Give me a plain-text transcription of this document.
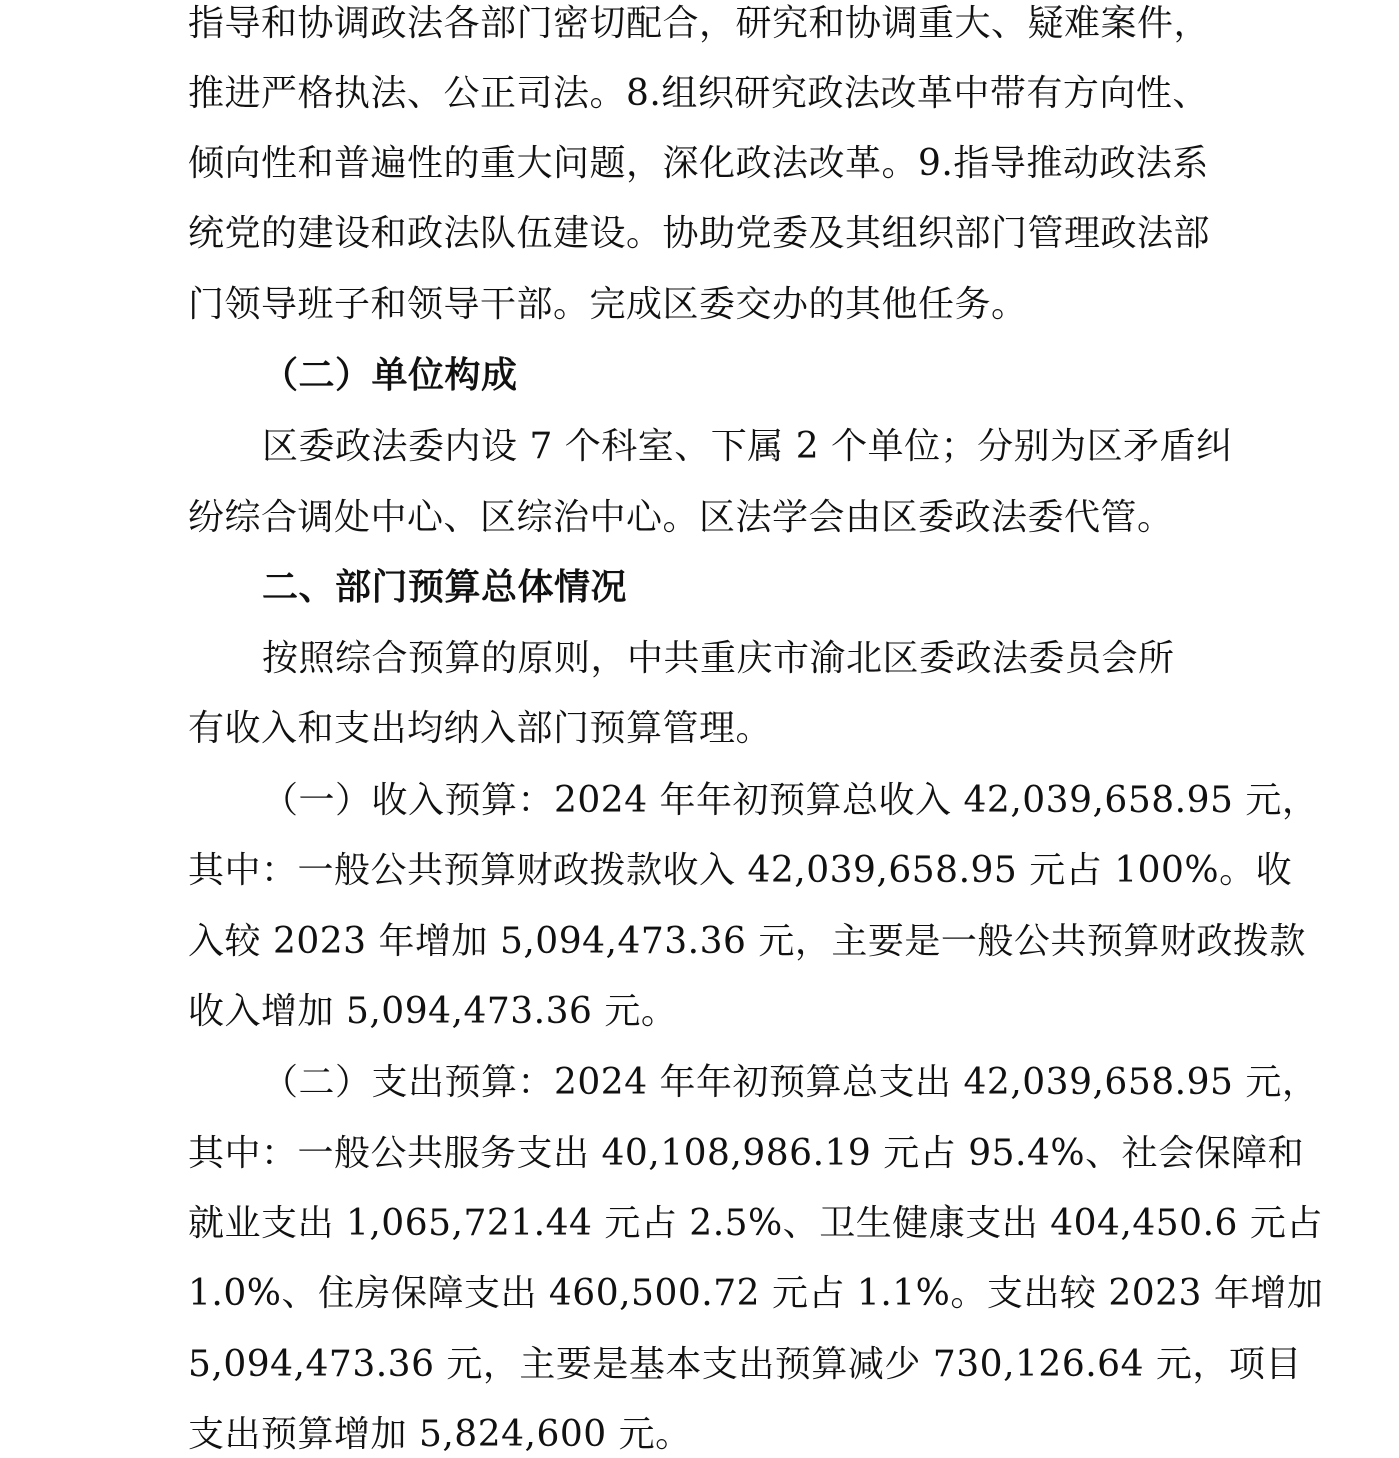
指导和协调政法各部门密切配合，研究和协调重大、疑难案件，
推进严格执法、公正司法。8.组织研究政法改革中带有方向性、
倾向性和普遍性的重大问题，深化政法改革。9.指导推动政法系
统党的建设和政法队伍建设。协助党委及其组织部门管理政法部
门领导班子和领导干部。完成区委交办的其他任务。
（二）单位构成
区委政法委内设 7 个科室、下属 2 个单位；分别为区矛盾纠
纷综合调处中心、区综治中心。区法学会由区委政法委代管。
二、部门预算总体情况
按照综合预算的原则，中共重庆市渝北区委政法委员会所
有收入和支出均纳入部门预算管理。
（一）收入预算：2024 年年初预算总收入 42,039,658.95 元，
其中：一般公共预算财政拨款收入 42,039,658.95 元占 100%。收
入较 2023 年增加 5,094,473.36 元，主要是一般公共预算财政拨款
收入增加 5,094,473.36 元。
（二）支出预算：2024 年年初预算总支出 42,039,658.95 元，
其中：一般公共服务支出 40,108,986.19 元占 95.4%、社会保障和
就业支出 1,065,721.44 元占 2.5%、卫生健康支出 404,450.6 元占
1.0%、住房保障支出 460,500.72 元占 1.1%。支出较 2023 年增加
5,094,473.36 元，主要是基本支出预算减少 730,126.64 元，项目
支出预算增加 5,824,600 元。
